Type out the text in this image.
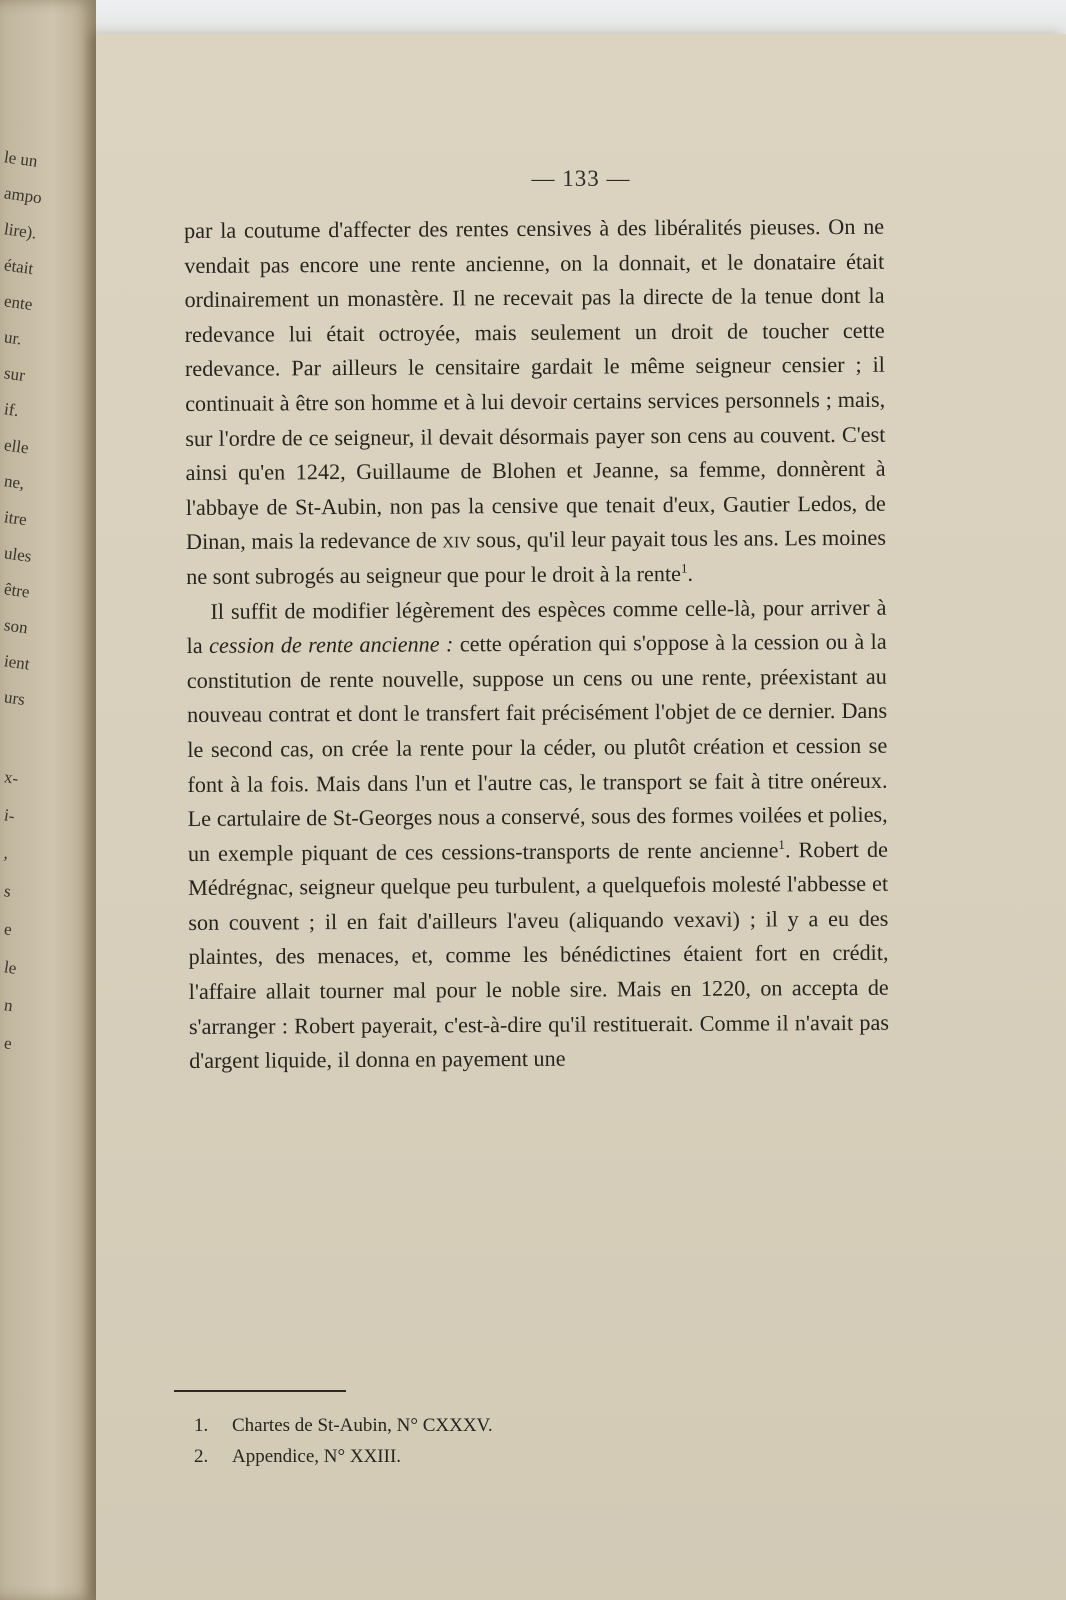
le un
ampo
lire).
était
ente
ur.
sur
if.
elle
ne,
itre
ules
être
son
ient
urs
x-
i-
,
s
e
le
n
e
— 133 —

par la coutume d'affecter des rentes censives à des libéralités pieuses. On ne vendait pas encore une rente ancienne, on la donnait, et le donataire était ordinairement un monastère. Il ne recevait pas la directe de la tenue dont la redevance lui était octroyée, mais seulement un droit de toucher cette redevance. Par ailleurs le censitaire gardait le même seigneur censier ; il continuait à être son homme et à lui devoir certains services personnels ; mais, sur l'ordre de ce seigneur, il devait désormais payer son cens au couvent. C'est ainsi qu'en 1242, Guillaume de Blohen et Jeanne, sa femme, donnèrent à l'abbaye de St-Aubin, non pas la censive que tenait d'eux, Gautier Ledos, de Dinan, mais la redevance de xiv sous, qu'il leur payait tous les ans. Les moines ne sont subrogés au seigneur que pour le droit à la rente$^1$.

Il suffit de modifier légèrement des espèces comme celle-là, pour arriver à la cession de rente ancienne : cette opération qui s'oppose à la cession ou à la constitution de rente nouvelle, suppose un cens ou une rente, préexistant au nouveau contrat et dont le transfert fait précisément l'objet de ce dernier. Dans le second cas, on crée la rente pour la céder, ou plutôt création et cession se font à la fois. Mais dans l'un et l'autre cas, le transport se fait à titre onéreux. Le cartulaire de St-Georges nous a conservé, sous des formes voilées et polies, un exemple piquant de ces cessions-transports de rente ancienne$^1$. Robert de Médrégnac, seigneur quelque peu turbulent, a quelquefois molesté l'abbesse et son couvent ; il en fait d'ailleurs l'aveu (aliquando vexavi) ; il y a eu des plaintes, des menaces, et, comme les bénédictines étaient fort en crédit, l'affaire allait tourner mal pour le noble sire. Mais en 1220, on accepta de s'arranger : Robert payerait, c'est-à-dire qu'il restituerait. Comme il n'avait pas d'argent liquide, il donna en payement une

1. Chartes de St-Aubin, N° CXXXV.
2. Appendice, N° XXIII.
